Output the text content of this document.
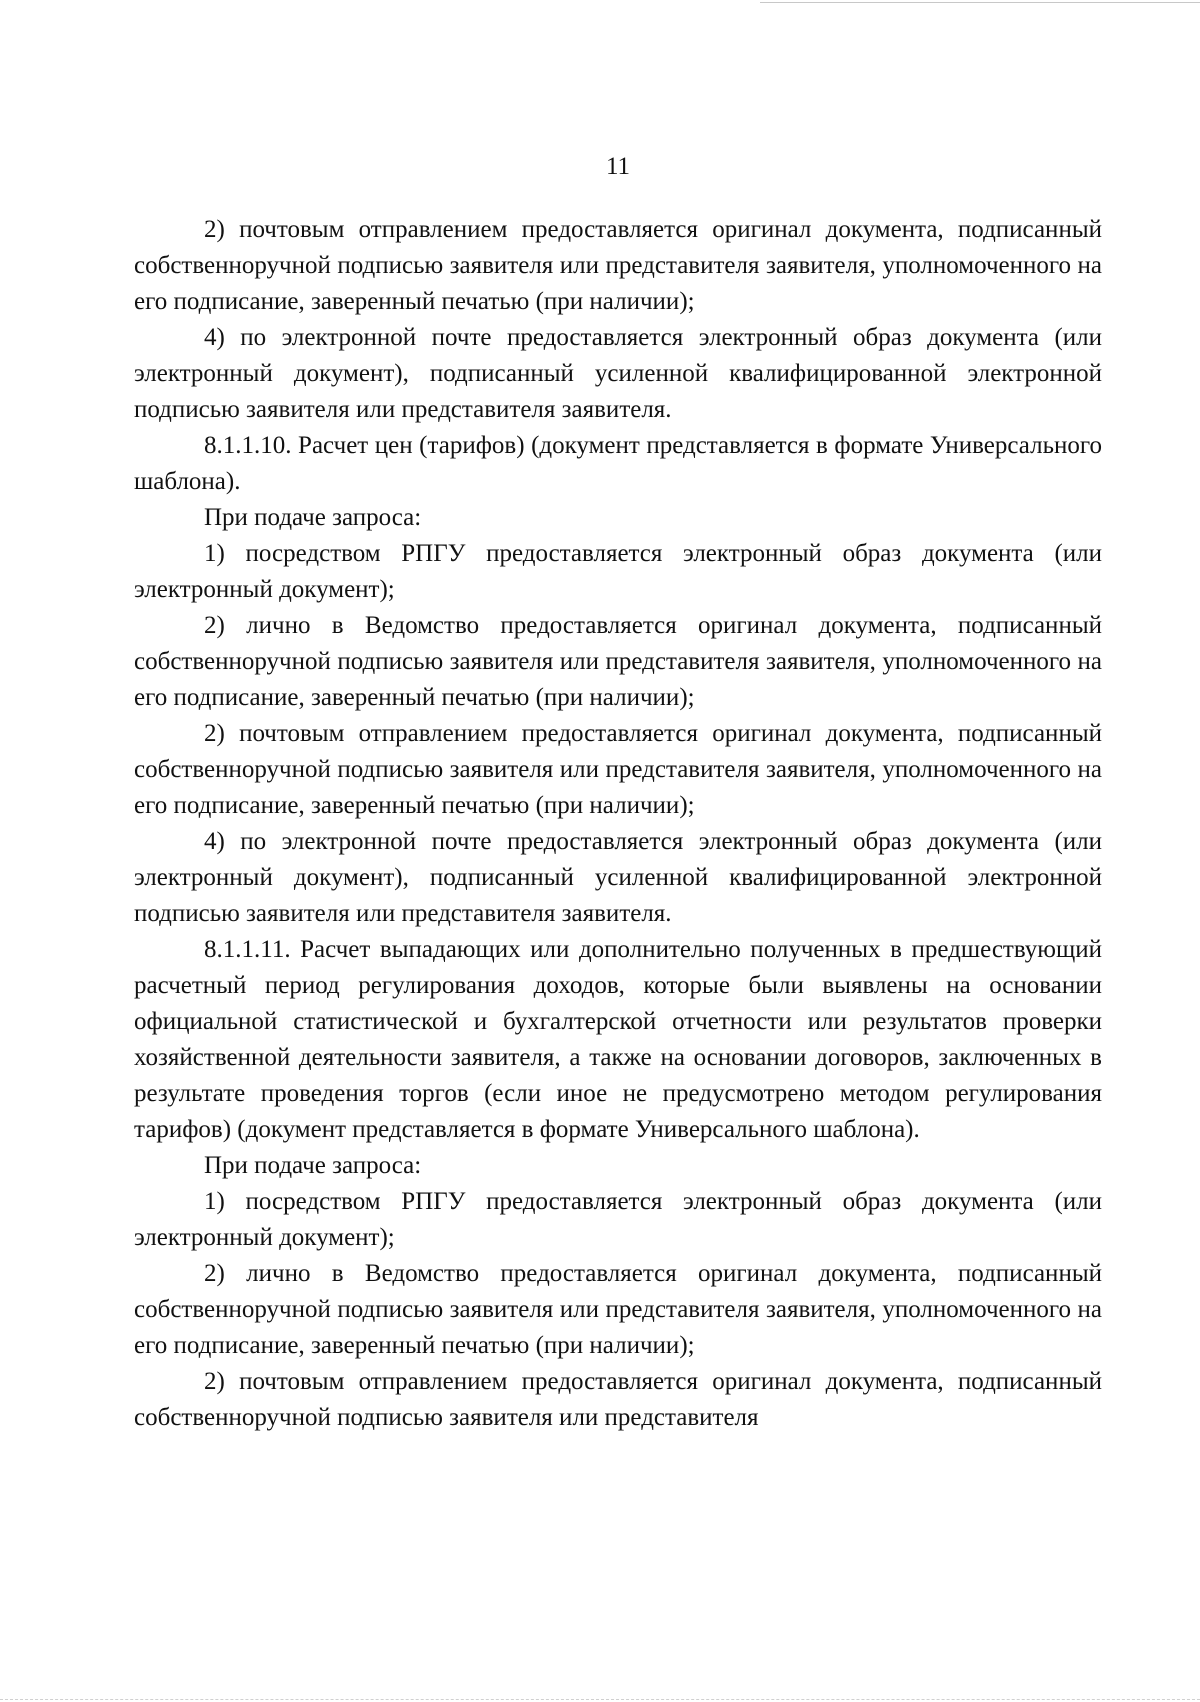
11

2) почтовым отправлением предоставляется оригинал документа, подписанный собственноручной подписью заявителя или представителя заявителя, уполномоченного на его подписание, заверенный печатью (при наличии);

4) по электронной почте предоставляется электронный образ документа (или электронный документ), подписанный усиленной квалифицированной электронной подписью заявителя или представителя заявителя.

8.1.1.10. Расчет цен (тарифов) (документ представляется в формате Универсального шаблона).

При подаче запроса:

1) посредством РПГУ предоставляется электронный образ документа (или электронный документ);

2) лично в Ведомство предоставляется оригинал документа, подписанный собственноручной подписью заявителя или представителя заявителя, уполномоченного на его подписание, заверенный печатью (при наличии);

2) почтовым отправлением предоставляется оригинал документа, подписанный собственноручной подписью заявителя или представителя заявителя, уполномоченного на его подписание, заверенный печатью (при наличии);

4) по электронной почте предоставляется электронный образ документа (или электронный документ), подписанный усиленной квалифицированной электронной подписью заявителя или представителя заявителя.

8.1.1.11. Расчет выпадающих или дополнительно полученных в предшествующий расчетный период регулирования доходов, которые были выявлены на основании официальной статистической и бухгалтерской отчетности или результатов проверки хозяйственной деятельности заявителя, а также на основании договоров, заключенных в результате проведения торгов (если иное не предусмотрено методом регулирования тарифов) (документ представляется в формате Универсального шаблона).

При подаче запроса:

1) посредством РПГУ предоставляется электронный образ документа (или электронный документ);

2) лично в Ведомство предоставляется оригинал документа, подписанный собственноручной подписью заявителя или представителя заявителя, уполномоченного на его подписание, заверенный печатью (при наличии);

2) почтовым отправлением предоставляется оригинал документа, подписанный собственноручной подписью заявителя или представителя
